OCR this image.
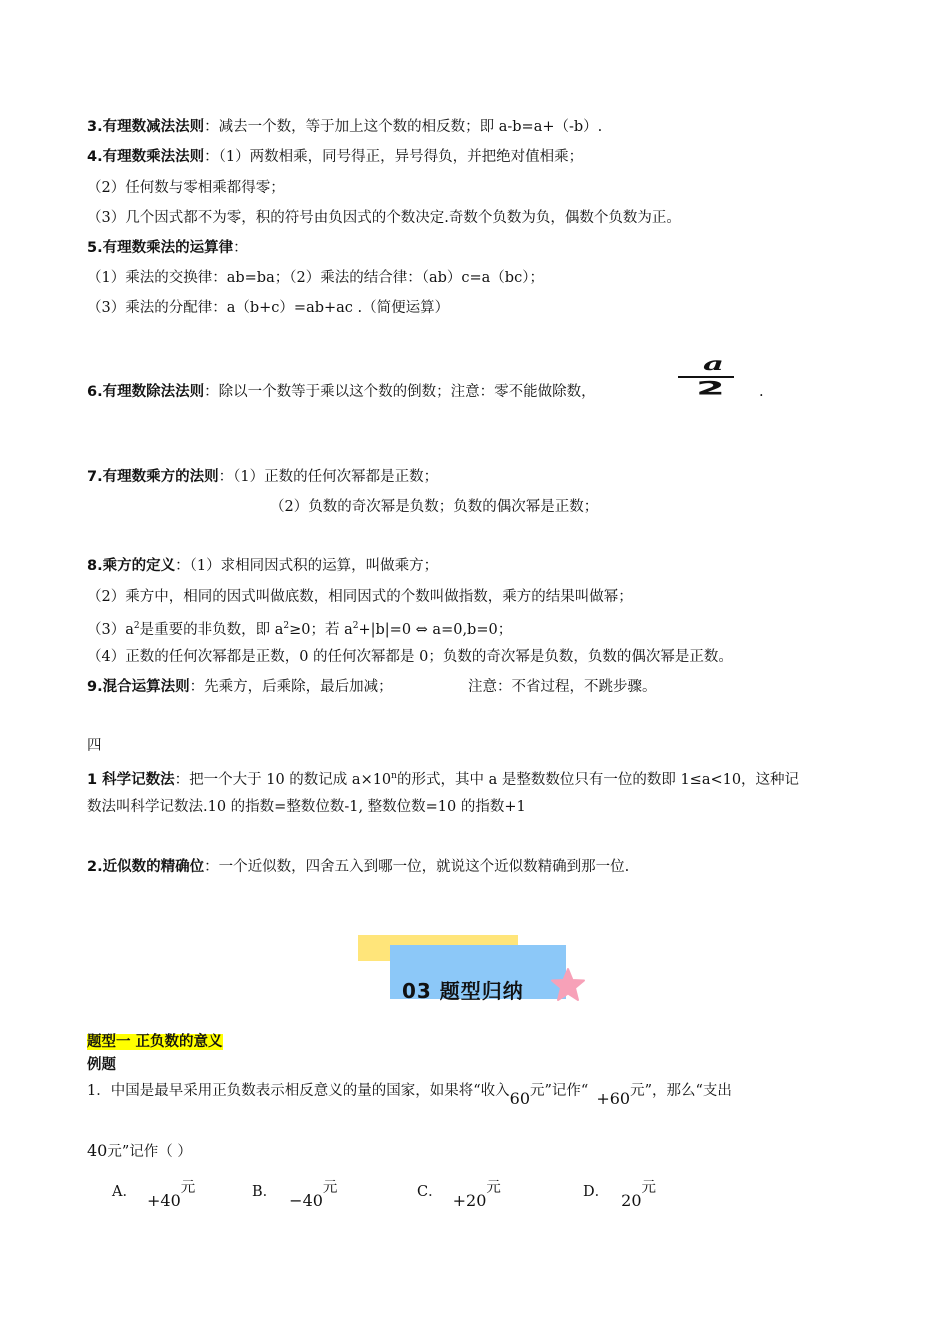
3.有理数减法法则：减去一个数，等于加上这个数的相反数；即 a-b=a+（-b）.
4.有理数乘法法则：（1）两数相乘，同号得正，异号得负，并把绝对值相乘；
（2）任何数与零相乘都得零；
（3）几个因式都不为零，积的符号由负因式的个数决定.奇数个负数为负，偶数个负数为正。
5.有理数乘法的运算律：
（1）乘法的交换律：ab=ba；（2）乘法的结合律：（ab）c=a（bc）；
（3）乘法的分配律：a（b+c）=ab+ac .（简便运算）
6.有理数除法法则：除以一个数等于乘以这个数的倒数；注意：零不能做除数，
a
2 .
7.有理数乘方的法则：（1）正数的任何次幂都是正数；
（2）负数的奇次幂是负数；负数的偶次幂是正数；
8.乘方的定义：（1）求相同因式积的运算，叫做乘方；
（2）乘方中，相同的因式叫做底数，相同因式的个数叫做指数，乘方的结果叫做幂；
$(3)a^2$是重要的非负数，即 $a^2\ge 0$；若 $a^2+|b|=0$ ⇔ a=0,b=0；
（4）正数的任何次幂都是正数，0 的任何次幂都是 0；负数的奇次幂是负数，负数的偶次幂是正数。
9.混合运算法则：先乘方，后乘除，最后加减；	注意：不省过程，不跳步骤。
四
1 科学记数法：把一个大于 10 的数记成 $a\times 10^n$的形式，其中 a 是整数数位只有一位的数即 1≤a<10，这种记
数法叫科学记数法.10 的指数=整数位数-1, 整数位数=10 的指数+1
2.近似数的精确位：一个近似数，四舍五入到哪一位，就说这个近似数精确到那一位.
03 题型归纳
题型一 正负数的意义
例题
1．中国是最早采用正负数表示相反意义的量的国家，如果将“收入60元”记作“ +60元”，那么“支出
40元”记作（ ）
A． +40元	B． −40元	C． +20元	D． 20元
